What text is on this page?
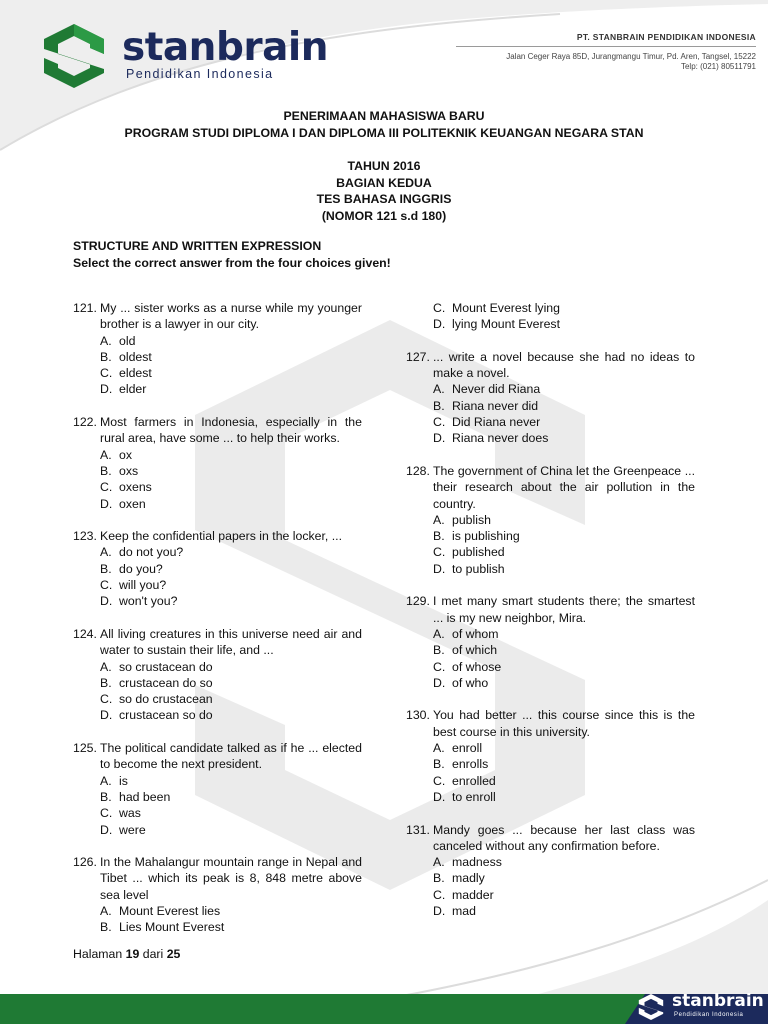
stanbrain
Pendidikan Indonesia
PT. STANBRAIN PENDIDIKAN INDONESIA
Jalan Ceger Raya 85D, Jurangmangu Timur, Pd. Aren, Tangsel, 15222
Telp: (021) 80511791
PENERIMAAN MAHASISWA BARU
PROGRAM STUDI DIPLOMA I DAN DIPLOMA III POLITEKNIK KEUANGAN NEGARA STAN
TAHUN 2016
BAGIAN KEDUA
TES BAHASA INGGRIS
(NOMOR 121 s.d 180)
STRUCTURE AND WRITTEN EXPRESSION
Select the correct answer from the four choices given!
121. My ... sister works as a nurse while my younger brother is a lawyer in our city.
A. old
B. oldest
C. eldest
D. elder
122. Most farmers in Indonesia, especially in the rural area, have some ... to help their works.
A. ox
B. oxs
C. oxens
D. oxen
123. Keep the confidential papers in the locker, ...
A. do not you?
B. do you?
C. will you?
D. won't you?
124. All living creatures in this universe need air and water to sustain their life, and ...
A. so crustacean do
B. crustacean do so
C. so do crustacean
D. crustacean so do
125. The political candidate talked as if he ... elected to become the next president.
A. is
B. had been
C. was
D. were
126. In the Mahalangur mountain range in Nepal and Tibet ... which its peak is 8, 848 metre above sea level
A. Mount Everest lies
B. Lies Mount Everest
C. Mount Everest lying
D. lying Mount Everest
127. ... write a novel because she had no ideas to make a novel.
A. Never did Riana
B. Riana never did
C. Did Riana never
D. Riana never does
128. The government of China let the Greenpeace ... their research about the air pollution in the country.
A. publish
B. is publishing
C. published
D. to publish
129. I met many smart students there; the smartest ... is my new neighbor, Mira.
A. of whom
B. of which
C. of whose
D. of who
130. You had better ... this course since this is the best course in this university.
A. enroll
B. enrolls
C. enrolled
D. to enroll
131. Mandy goes ... because her last class was canceled without any confirmation before.
A. madness
B. madly
C. madder
D. mad
Halaman 19 dari 25
stanbrain
Pendidikan Indonesia
